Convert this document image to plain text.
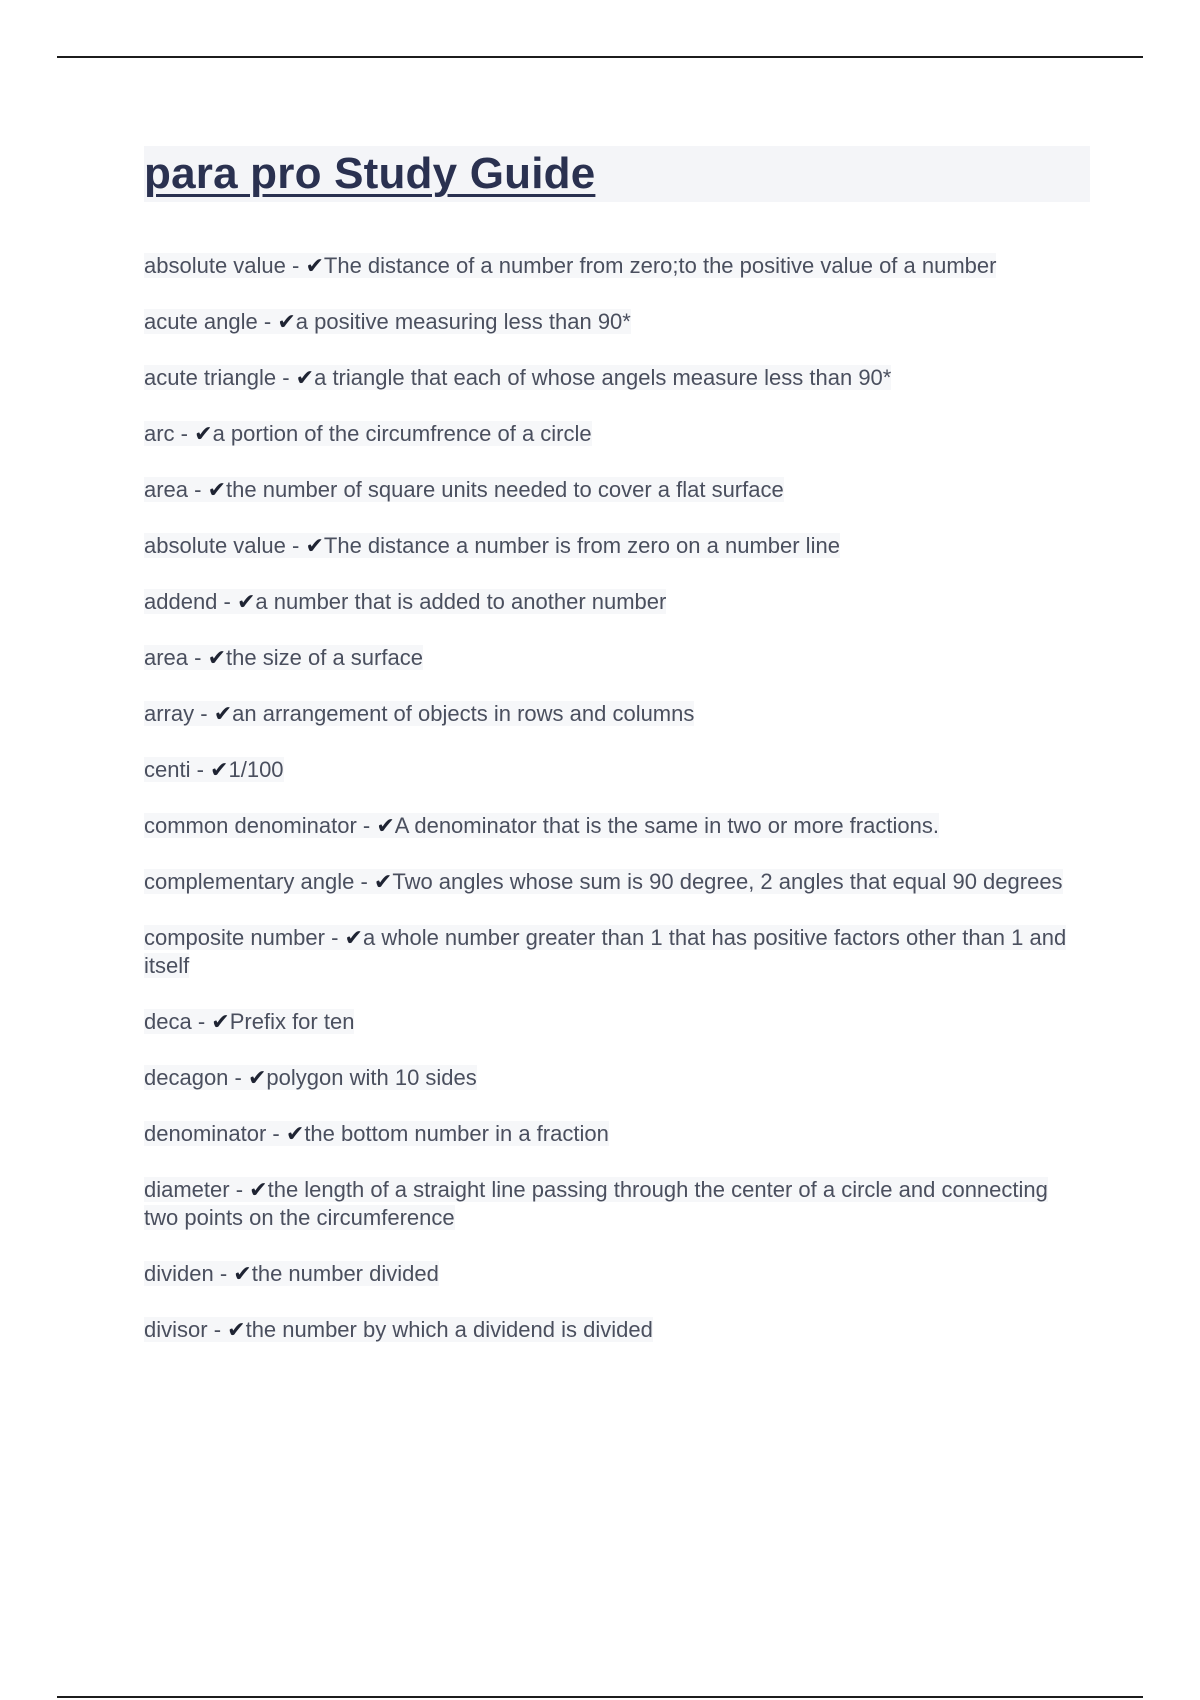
para pro Study Guide
absolute value - ✔The distance of a number from zero;to the positive value of a number
acute angle - ✔a positive measuring less than 90*
acute triangle - ✔a triangle that each of whose angels measure less than 90*
arc - ✔a portion of the circumfrence of a circle
area - ✔the number of square units needed to cover a flat surface
absolute value - ✔The distance a number is from zero on a number line
addend - ✔a number that is added to another number
area - ✔the size of a surface
array - ✔an arrangement of objects in rows and columns
centi - ✔1/100
common denominator - ✔A denominator that is the same in two or more fractions.
complementary angle - ✔Two angles whose sum is 90 degree, 2 angles that equal 90 degrees
composite number - ✔a whole number greater than 1 that has positive factors other than 1 and itself
deca - ✔Prefix for ten
decagon - ✔polygon with 10 sides
denominator - ✔the bottom number in a fraction
diameter - ✔the length of a straight line passing through the center of a circle and connecting two points on the circumference
dividen - ✔the number divided
divisor - ✔the number by which a dividend is divided
